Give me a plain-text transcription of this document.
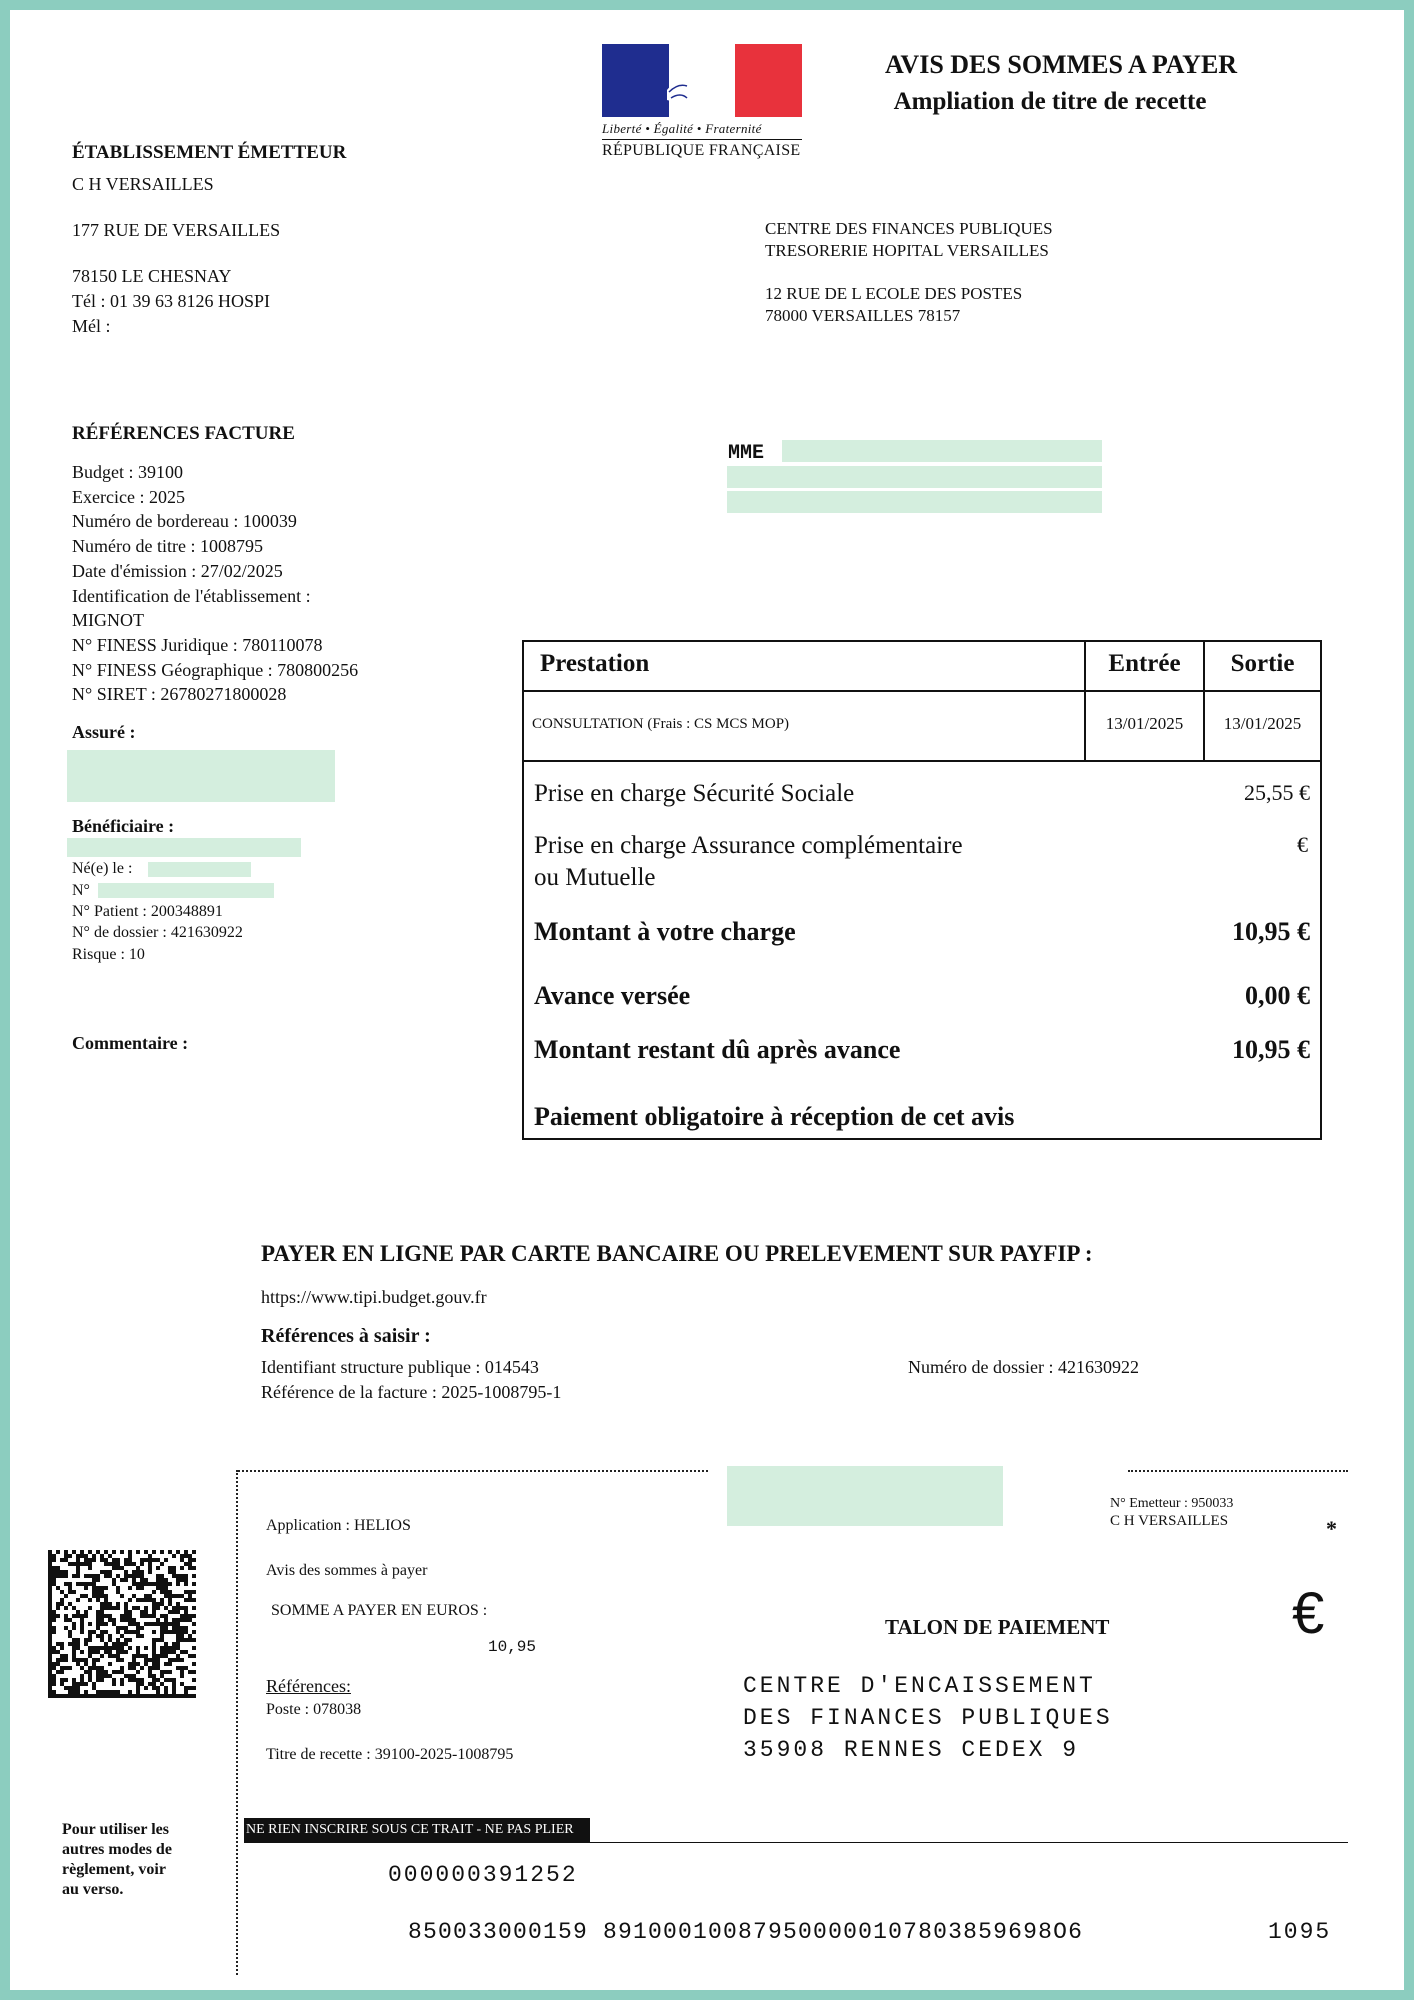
Liberté • Égalité • Fraternité
RÉPUBLIQUE FRANÇAISE
AVIS DES SOMMES A PAYER
Ampliation de titre de recette
ÉTABLISSEMENT ÉMETTEUR
C H VERSAILLES
177 RUE DE VERSAILLES
78150 LE CHESNAY
Tél : 01 39 63 8126 HOSPI
Mél :
CENTRE DES FINANCES PUBLIQUES
TRESORERIE HOPITAL VERSAILLES
12 RUE DE L ECOLE DES POSTES
78000 VERSAILLES 78157
MME
RÉFÉRENCES FACTURE
Budget : 39100
Exercice : 2025
Numéro de bordereau : 100039
Numéro de titre : 1008795
Date d'émission : 27/02/2025
Identification de l'établissement :
MIGNOT
N° FINESS Juridique : 780110078
N° FINESS Géographique : 780800256
N° SIRET : 26780271800028
Assuré :
Bénéficiaire :
Né(e) le :
N°
N° Patient : 200348891
N° de dossier : 421630922
Risque : 10
Commentaire :
Prestation	Entrée	Sortie
CONSULTATION (Frais : CS MCS MOP)	13/01/2025	13/01/2025
Prise en charge Sécurité Sociale	25,55 €
Prise en charge Assurance complémentaire
ou Mutuelle
€
Montant à votre charge	10,95 €
Avance versée	0,00 €
Montant restant dû après avance	10,95 €
Paiement obligatoire à réception de cet avis
PAYER EN LIGNE PAR CARTE BANCAIRE OU PRELEVEMENT SUR PAYFIP :
https://www.tipi.budget.gouv.fr
Références à saisir :
Identifiant structure publique : 014543
Référence de la facture : 2025-1008795-1
Numéro de dossier : 421630922
Application : HELIOS
Avis des sommes à payer
SOMME A PAYER EN EUROS :
10,95
Références:
Poste : 078038
Titre de recette : 39100-2025-1008795
N° Emetteur : 950033
C H VERSAILLES	*
€
TALON DE PAIEMENT
CENTRE D'ENCAISSEMENT
DES FINANCES PUBLIQUES
35908 RENNES CEDEX 9
Pour utiliser les
autres modes de
règlement, voir
au verso.
NE RIEN INSCRIRE SOUS CE TRAIT - NE PAS PLIER
000000391252
850033000159 891000100879500000107803859698O6	1095
